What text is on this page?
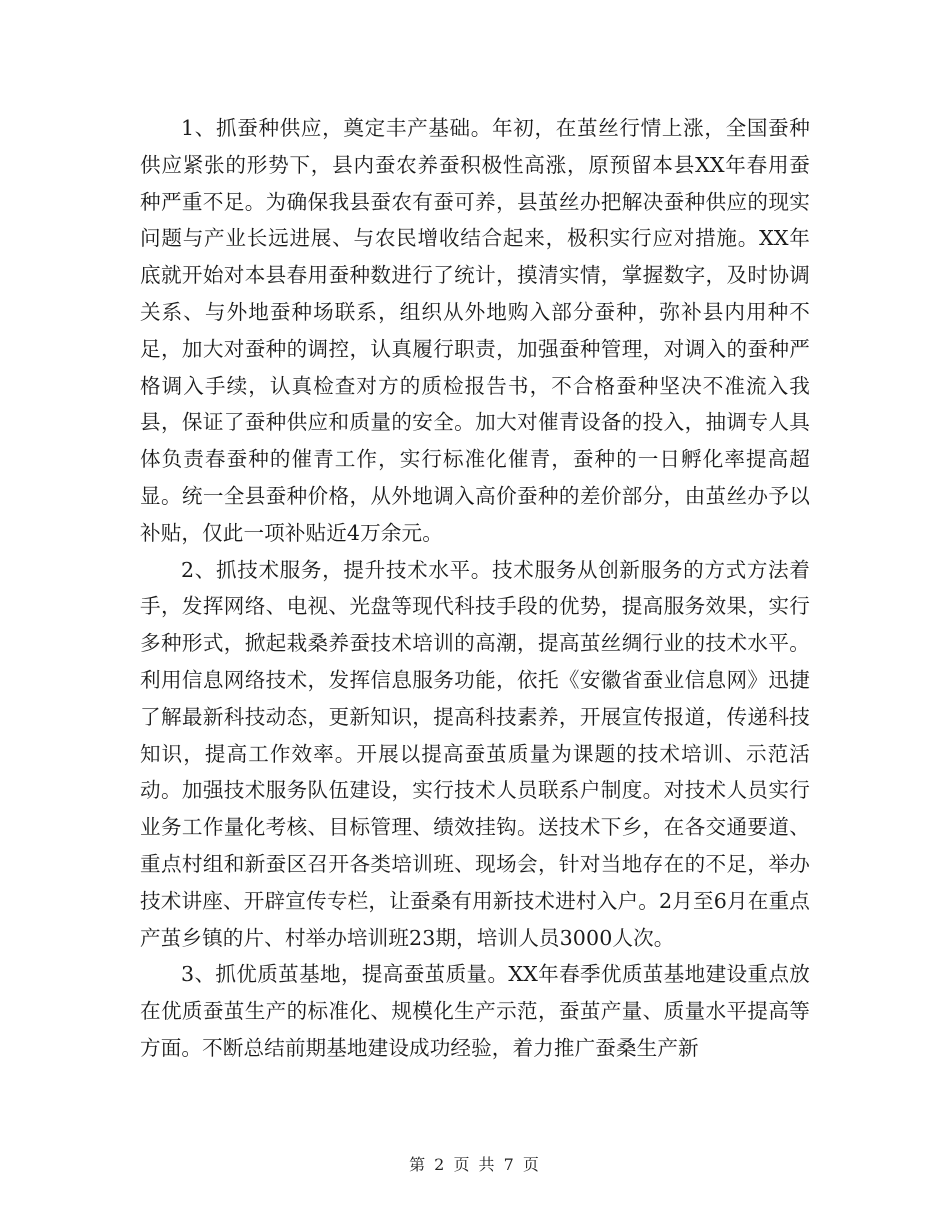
1、抓蚕种供应，奠定丰产基础。年初，在茧丝行情上涨，全国蚕种供应紧张的形势下，县内蚕农养蚕积极性高涨，原预留本县XX年春用蚕种严重不足。为确保我县蚕农有蚕可养，县茧丝办把解决蚕种供应的现实问题与产业长远进展、与农民增收结合起来，极积实行应对措施。XX年底就开始对本县春用蚕种数进行了统计，摸清实情，掌握数字，及时协调关系、与外地蚕种场联系，组织从外地购入部分蚕种，弥补县内用种不足，加大对蚕种的调控，认真履行职责，加强蚕种管理，对调入的蚕种严格调入手续，认真检查对方的质检报告书，不合格蚕种坚决不准流入我县，保证了蚕种供应和质量的安全。加大对催青设备的投入，抽调专人具体负责春蚕种的催青工作，实行标准化催青，蚕种的一日孵化率提高超显。统一全县蚕种价格，从外地调入高价蚕种的差价部分，由茧丝办予以补贴，仅此一项补贴近4万余元。

2、抓技术服务，提升技术水平。技术服务从创新服务的方式方法着手，发挥网络、电视、光盘等现代科技手段的优势，提高服务效果，实行多种形式，掀起栽桑养蚕技术培训的高潮，提高茧丝绸行业的技术水平。利用信息网络技术，发挥信息服务功能，依托《安徽省蚕业信息网》迅捷了解最新科技动态，更新知识，提高科技素养，开展宣传报道，传递科技知识，提高工作效率。开展以提高蚕茧质量为课题的技术培训、示范活动。加强技术服务队伍建设，实行技术人员联系户制度。对技术人员实行业务工作量化考核、目标管理、绩效挂钩。送技术下乡，在各交通要道、重点村组和新蚕区召开各类培训班、现场会，针对当地存在的不足，举办技术讲座、开辟宣传专栏，让蚕桑有用新技术进村入户。2月至6月在重点产茧乡镇的片、村举办培训班23期，培训人员3000人次。

3、抓优质茧基地，提高蚕茧质量。XX年春季优质茧基地建设重点放在优质蚕茧生产的标准化、规模化生产示范，蚕茧产量、质量水平提高等方面。不断总结前期基地建设成功经验，着力推广蚕桑生产新

第 2 页 共 7 页
